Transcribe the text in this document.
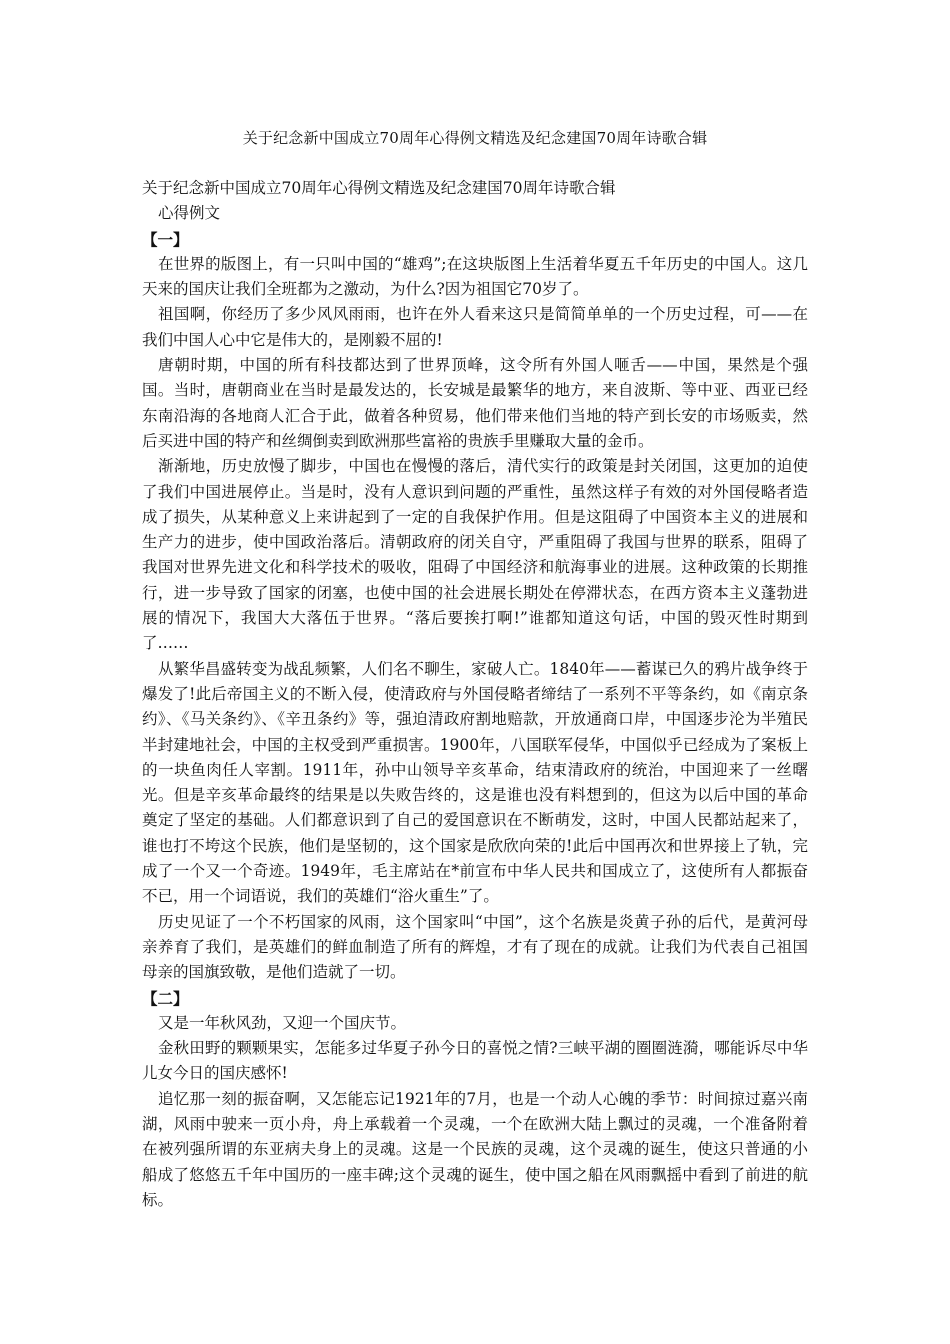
关于纪念新中国成立70周年心得例文精选及纪念建国70周年诗歌合辑

关于纪念新中国成立70周年心得例文精选及纪念建国70周年诗歌合辑

心得例文

【一】

在世界的版图上，有一只叫中国的“雄鸡”;在这块版图上生活着华夏五千年历史的中国人。这几天来的国庆让我们全班都为之激动，为什么?因为祖国它70岁了。

祖国啊，你经历了多少风风雨雨，也许在外人看来这只是简简单单的一个历史过程，可——在我们中国人心中它是伟大的，是刚毅不屈的!

唐朝时期，中国的所有科技都达到了世界顶峰，这令所有外国人咂舌——中国，果然是个强国。当时，唐朝商业在当时是最发达的，长安城是最繁华的地方，来自波斯、等中亚、西亚已经东南沿海的各地商人汇合于此，做着各种贸易，他们带来他们当地的特产到长安的市场贩卖，然后买进中国的特产和丝绸倒卖到欧洲那些富裕的贵族手里赚取大量的金币。

渐渐地，历史放慢了脚步，中国也在慢慢的落后，清代实行的政策是封关闭国，这更加的迫使了我们中国进展停止。当是时，没有人意识到问题的严重性，虽然这样子有效的对外国侵略者造成了损失，从某种意义上来讲起到了一定的自我保护作用。但是这阻碍了中国资本主义的进展和生产力的进步，使中国政治落后。清朝政府的闭关自守，严重阻碍了我国与世界的联系，阻碍了我国对世界先进文化和科学技术的吸收，阻碍了中国经济和航海事业的进展。这种政策的长期推行，进一步导致了国家的闭塞，也使中国的社会进展长期处在停滞状态，在西方资本主义蓬勃进展的情况下，我国大大落伍于世界。“落后要挨打啊!”谁都知道这句话，中国的毁灭性时期到了……

从繁华昌盛转变为战乱频繁，人们名不聊生，家破人亡。1840年——蓄谋已久的鸦片战争终于爆发了!此后帝国主义的不断入侵，使清政府与外国侵略者缔结了一系列不平等条约，如《南京条约》、《马关条约》、《辛丑条约》等，强迫清政府割地赔款，开放通商口岸，中国逐步沦为半殖民半封建地社会，中国的主权受到严重损害。1900年，八国联军侵华，中国似乎已经成为了案板上的一块鱼肉任人宰割。1911年，孙中山领导辛亥革命，结束清政府的统治，中国迎来了一丝曙光。但是辛亥革命最终的结果是以失败告终的，这是谁也没有料想到的，但这为以后中国的革命奠定了坚定的基础。人们都意识到了自己的爱国意识在不断萌发，这时，中国人民都站起来了，谁也打不垮这个民族，他们是坚韧的，这个国家是欣欣向荣的!此后中国再次和世界接上了轨，完成了一个又一个奇迹。1949年，毛主席站在*前宣布中华人民共和国成立了，这使所有人都振奋不已，用一个词语说，我们的英雄们“浴火重生”了。

历史见证了一个不朽国家的风雨，这个国家叫“中国”，这个名族是炎黄子孙的后代，是黄河母亲养育了我们，是英雄们的鲜血制造了所有的辉煌，才有了现在的成就。让我们为代表自己祖国母亲的国旗致敬，是他们造就了一切。

【二】

又是一年秋风劲，又迎一个国庆节。

金秋田野的颗颗果实，怎能多过华夏子孙今日的喜悦之情?三峡平湖的圈圈涟漪，哪能诉尽中华儿女今日的国庆感怀!

追忆那一刻的振奋啊，又怎能忘记1921年的7月，也是一个动人心魄的季节：时间掠过嘉兴南湖，风雨中驶来一页小舟，舟上承载着一个灵魂，一个在欧洲大陆上飘过的灵魂，一个准备附着在被列强所谓的东亚病夫身上的灵魂。这是一个民族的灵魂，这个灵魂的诞生，使这只普通的小船成了悠悠五千年中国历的一座丰碑;这个灵魂的诞生，使中国之船在风雨飘摇中看到了前进的航标。
